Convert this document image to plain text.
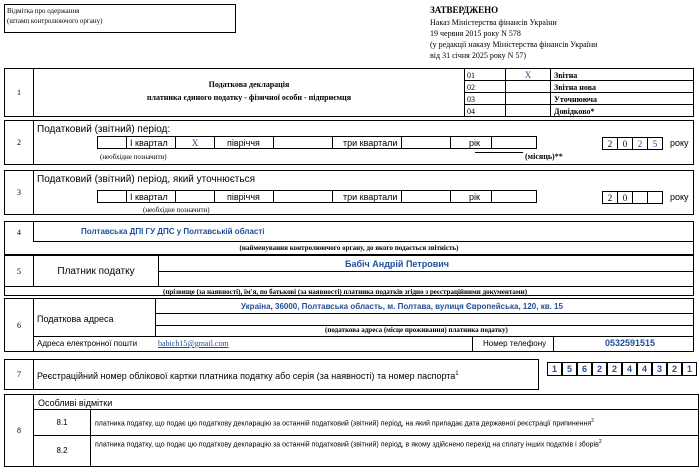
Відмітка про одержання
(штамп контролюючого органу)
ЗАТВЕРДЖЕНО
Наказ Міністерства фінансів України
19 червня 2015 року N 578
(у редакції наказу Міністерства фінансів України
від 31 січня 2025 року N 57)
1
Податкова декларація
платника єдиного податку - фізичної особи - підприємця
01	X	Звітна
02	Звітна нова
03	Уточнююча
04	Довідково*
2
Податковий (звітний) період:
І квартал	X	півріччя	три квартали	рік
(необхідне позначити)	(місяць)**
2	0	2	5	року
3
Податковий (звітний) період, який уточнюється
І квартал	півріччя	три квартали	рік
(необхідне позначити)
2	0	року
4	Полтавська ДПІ ГУ ДПС у Полтавській області
(найменування контролюючого органу, до якого подається звітність)
5	Платник податку
Бабіч Андрій Петрович
(прізвище (за наявності), ім'я, по батькові (за наявності) платника податків згідно з реєстраційними документами)
6
Податкова адреса
Україна, 36000, Полтавська область, м. Полтава, вулиця Європейська, 120, кв. 15
(податкова адреса (місце проживання) платника податку)
Адреса електронної пошти	babich15@gmail.com	Номер телефону	0532591515
7	Реєстраційний номер облікової картки платника податку або серія (за наявності) та номер паспорта$^1$	1	5	6	2	2	4	4	3	2	1
8
Особливі відмітки
8.1	платника податку, що подає цю податкову декларацію за останній податковий (звітний) період, на який припадає дата державної реєстрації припинення$^2$
8.2
платника податку, що подає цю податкову декларацію за останній податковий (звітний) період, в якому здійснено перехід на сплату інших податків і зборів$^2$
